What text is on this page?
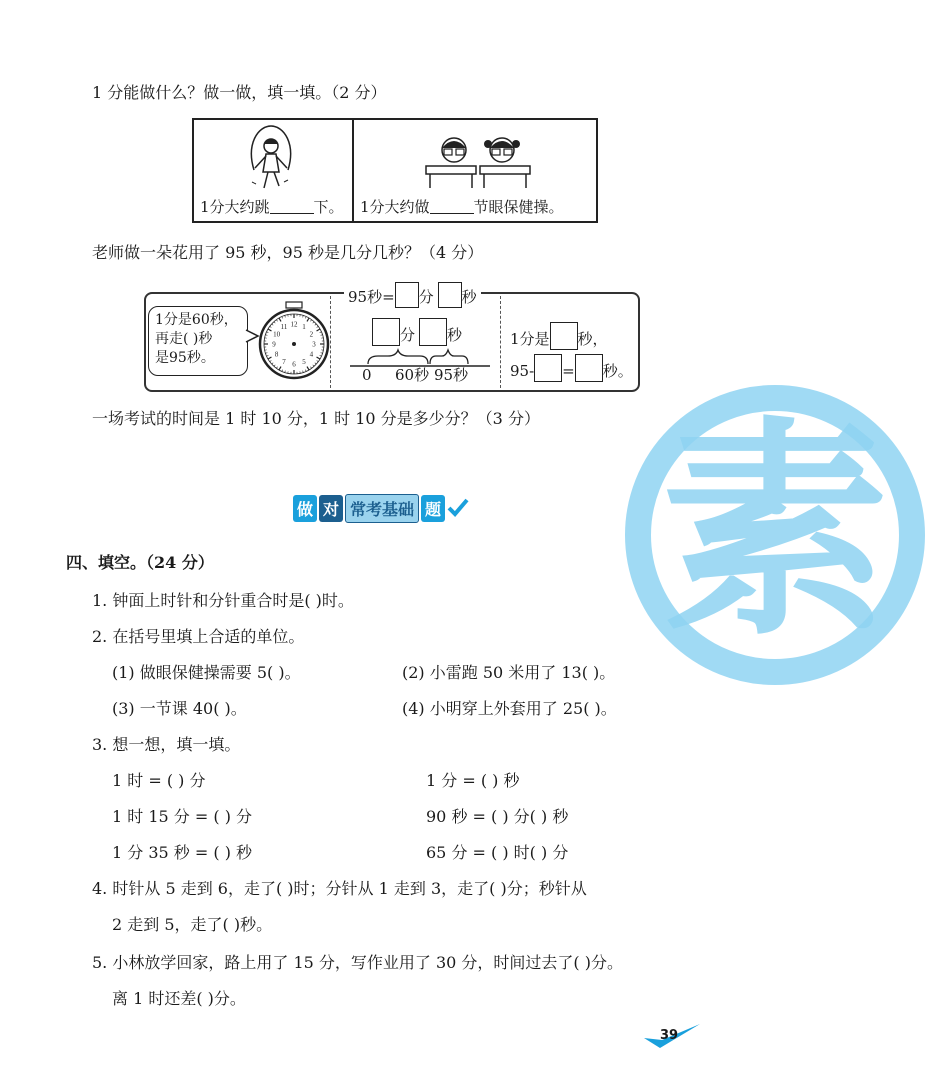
素
1 分能做什么？做一做，填一填。（2 分）
1分大约跳	下。 1分大约做	节眼保健操。
老师做一朵花用了 95 秒，95 秒是几分几秒？（4 分）
95秒= 分 秒
1分是60秒，
再走( )秒
是95秒。
12 1
2
3
4
5
6
7
8
9
10
11	分 秒
0 60秒 95秒
1分是 秒，
95- = 秒。
一场考试的时间是 1 时 10 分，1 时 10 分是多少分？（3 分）
做 对 常考基础 题
四、填空。（24 分）
1. 钟面上时针和分针重合时是( )时。
2. 在括号里填上合适的单位。
(1) 做眼保健操需要 5( )。	(2) 小雷跑 50 米用了 13( )。
(3) 一节课 40( )。	(4) 小明穿上外套用了 25( )。
3. 想一想，填一填。
1 时 = ( ) 分	1 分 = ( ) 秒
1 时 15 分 = ( ) 分	90 秒 = ( ) 分( ) 秒
1 分 35 秒 = ( ) 秒	65 分 = ( ) 时( ) 分
4. 时针从 5 走到 6，走了( )时；分针从 1 走到 3，走了( )分；秒针从
2 走到 5，走了( )秒。
5. 小林放学回家，路上用了 15 分，写作业用了 30 分，时间过去了( )分。
离 1 时还差( )分。
39
